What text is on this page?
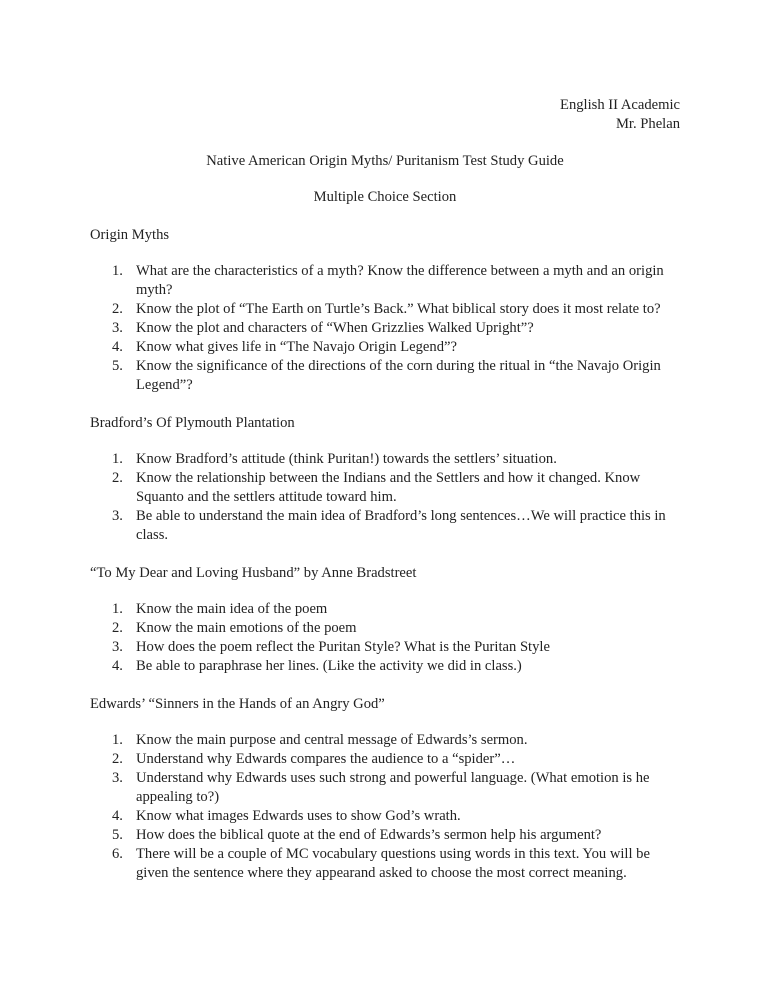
English II Academic
Mr. Phelan
Native American Origin Myths/ Puritanism Test Study Guide
Multiple Choice Section
Origin Myths
1. What are the characteristics of a myth? Know the difference between a myth and an origin myth?
2. Know the plot of “The Earth on Turtle’s Back.” What biblical story does it most relate to?
3. Know the plot and characters of “When Grizzlies Walked Upright”?
4. Know what gives life in “The Navajo Origin Legend”?
5. Know the significance of the directions of the corn during the ritual in “the Navajo Origin Legend”?
Bradford’s Of Plymouth Plantation
1. Know Bradford’s attitude (think Puritan!) towards the settlers’ situation.
2. Know the relationship between the Indians and the Settlers and how it changed. Know Squanto and the settlers attitude toward him.
3. Be able to understand the main idea of Bradford’s long sentences…We will practice this in class.
“To My Dear and Loving Husband” by Anne Bradstreet
1. Know the main idea of the poem
2. Know the main emotions of the poem
3. How does the poem reflect the Puritan Style? What is the Puritan Style
4. Be able to paraphrase her lines. (Like the activity we did in class.)
Edwards’ “Sinners in the Hands of an Angry God”
1. Know the main purpose and central message of Edwards’s sermon.
2. Understand why Edwards compares the audience to a “spider”…
3. Understand why Edwards uses such strong and powerful language. (What emotion is he appealing to?)
4. Know what images Edwards uses to show God’s wrath.
5. How does the biblical quote at the end of Edwards’s sermon help his argument?
6. There will be a couple of MC vocabulary questions using words in this text. You will be given the sentence where they appearand asked to choose the most correct meaning.
